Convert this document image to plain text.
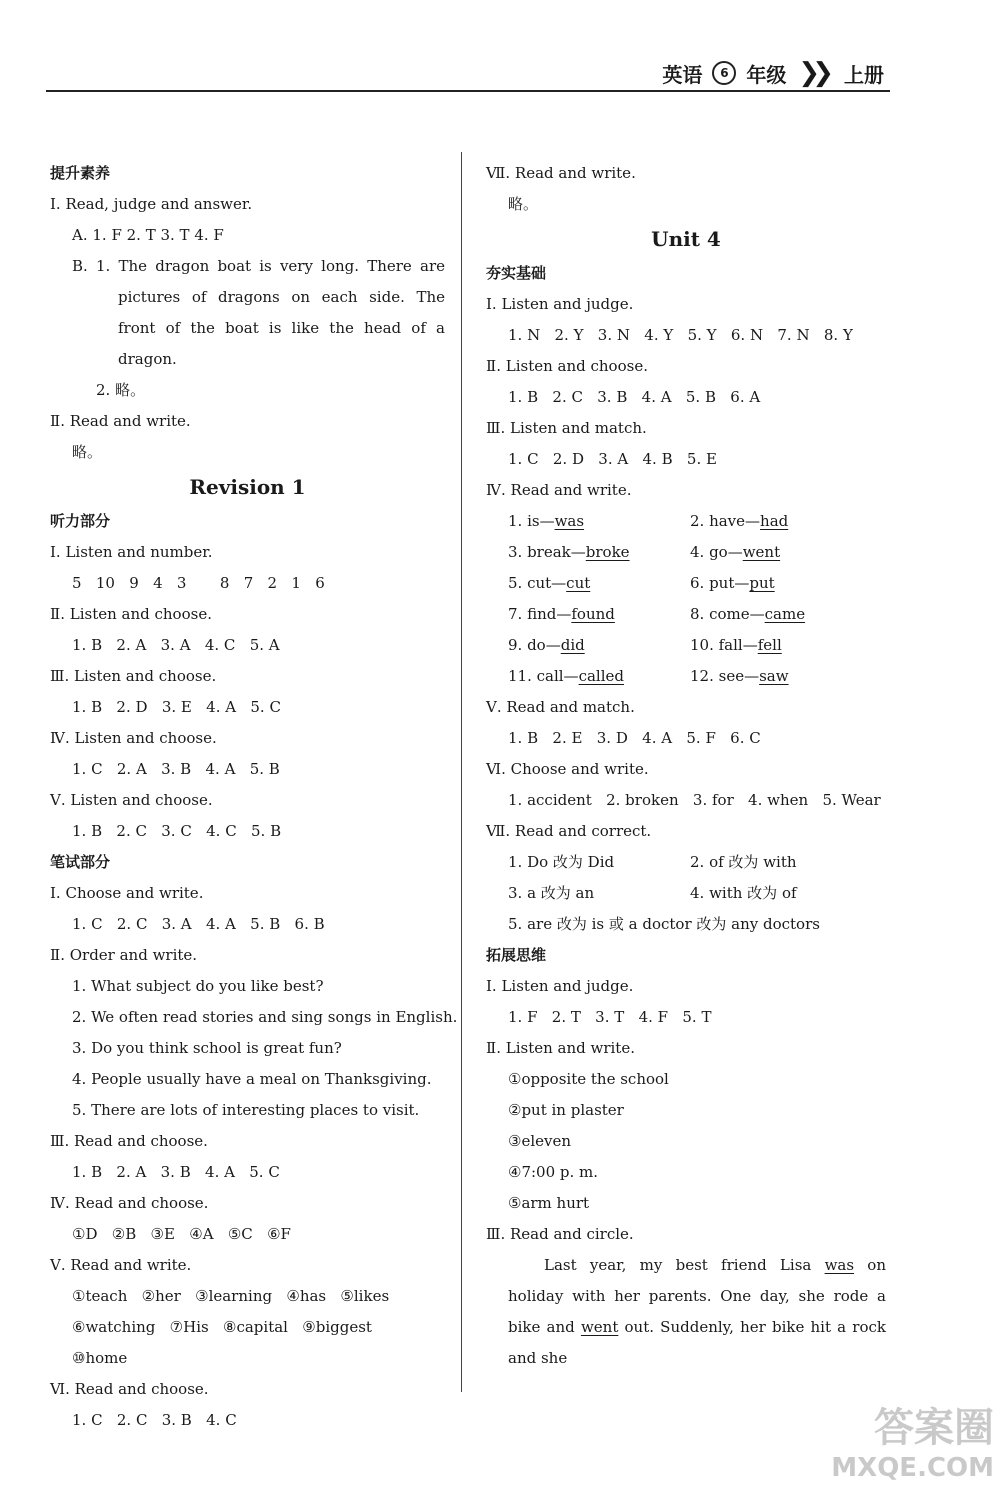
英语	6 年级 ❯❯ 上册
提升素养
Ⅰ. Read, judge and answer.
A. 1. F 2. T 3. T 4. F
B. 1. The dragon boat is very long. There are pictures of dragons on each side. The front of the boat is like the head of a dragon.
2. 略。
Ⅱ. Read and write.
略。
Revision 1
听力部分
Ⅰ. Listen and number.
5   10   9   4   3       8   7   2   1   6
Ⅱ. Listen and choose.
1. B   2. A   3. A   4. C   5. A
Ⅲ. Listen and choose.
1. B   2. D   3. E   4. A   5. C
Ⅳ. Listen and choose.
1. C   2. A   3. B   4. A   5. B
Ⅴ. Listen and choose.
1. B   2. C   3. C   4. C   5. B
笔试部分
Ⅰ. Choose and write.
1. C   2. C   3. A   4. A   5. B   6. B
Ⅱ. Order and write.
1. What subject do you like best?
2. We often read stories and sing songs in English.
3. Do you think school is great fun?
4. People usually have a meal on Thanksgiving.
5. There are lots of interesting places to visit.
Ⅲ. Read and choose.
1. B   2. A   3. B   4. A   5. C
Ⅳ. Read and choose.
①D   ②B   ③E   ④A   ⑤C   ⑥F
Ⅴ. Read and write.
①teach   ②her   ③learning   ④has   ⑤likes
⑥watching   ⑦His   ⑧capital   ⑨biggest
⑩home
Ⅵ. Read and choose.
1. C   2. C   3. B   4. C
Ⅶ. Read and write.
略。
Unit 4
夯实基础
Ⅰ. Listen and judge.
1. N   2. Y   3. N   4. Y   5. Y   6. N   7. N   8. Y
Ⅱ. Listen and choose.
1. B   2. C   3. B   4. A   5. B   6. A
Ⅲ. Listen and match.
1. C   2. D   3. A   4. B   5. E
Ⅳ. Read and write.
1. is—was	2. have—had
3. break—broke	4. go—went
5. cut—cut	6. put—put
7. find—found	8. come—came
9. do—did	10. fall—fell
11. call—called	12. see—saw
Ⅴ. Read and match.
1. B   2. E   3. D   4. A   5. F   6. C
Ⅵ. Choose and write.
1. accident   2. broken   3. for   4. when   5. Wear
Ⅶ. Read and correct.
1. Do 改为 Did	2. of 改为 with
3. a 改为 an	4. with 改为 of
5. are 改为 is 或 a doctor 改为 any doctors
拓展思维
Ⅰ. Listen and judge.
1. F   2. T   3. T   4. F   5. T
Ⅱ. Listen and write.
①opposite the school
②put in plaster
③eleven
④7:00 p. m.
⑤arm hurt
Ⅲ. Read and circle.
Last year, my best friend Lisa was on holiday with her parents. One day, she rode a bike and went out. Suddenly, her bike hit a rock and she
答案圈
MXQE.COM
